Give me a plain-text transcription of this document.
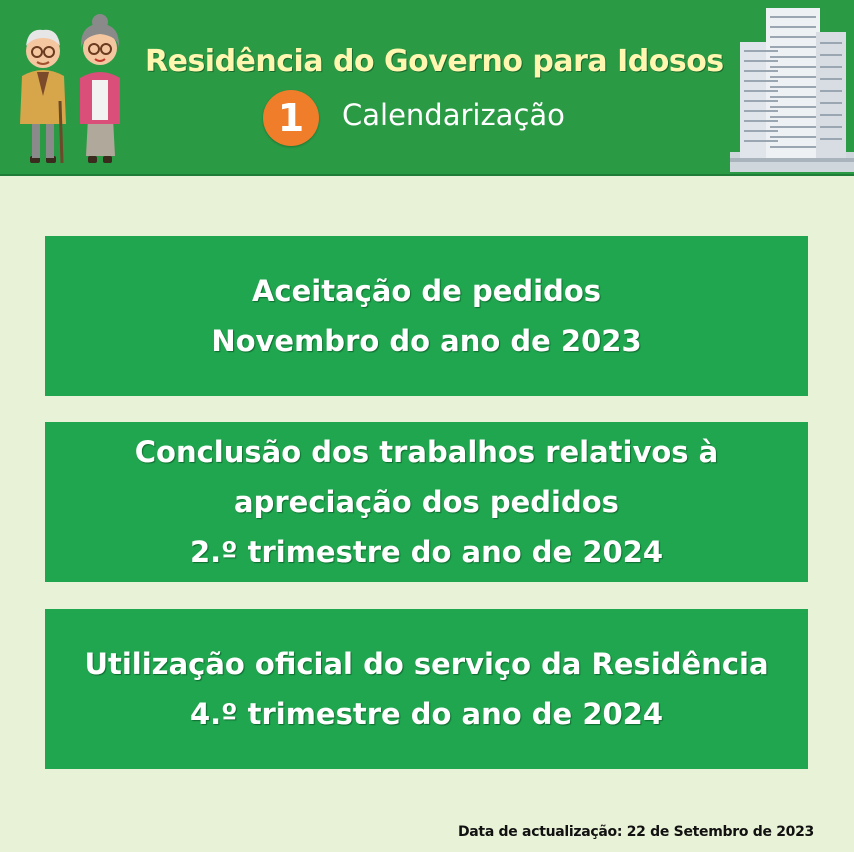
Residência do Governo para Idosos
1	Calendarização
Aceitação de pedidos
Novembro do ano de 2023
Conclusão dos trabalhos relativos à
apreciação dos pedidos
2.º trimestre do ano de 2024
Utilização oficial do serviço da Residência
4.º trimestre do ano de 2024
Data de actualização: 22 de Setembro de 2023
